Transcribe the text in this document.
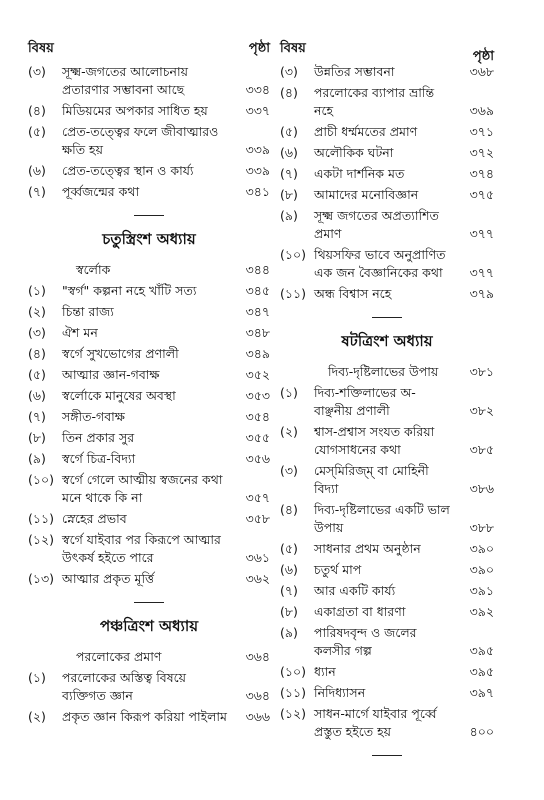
বিষয়	পৃষ্ঠা
(৩)	সূক্ষ্ম-জগতের আলোচনায় প্রতারণার সম্ভাবনা আছে	৩৩৪
(৪)	মিডিয়মের অপকার সাধিত হয়	৩৩৭
(৫)	প্রেত-তত্ত্বের ফলে জীবাত্মারও ক্ষতি হয়	৩৩৯
(৬)	প্রেত-তত্ত্বের স্থান ও কার্য্য	৩৩৯
(৭)	পূর্ব্বজন্মের কথা	৩৪১
চতুস্ত্রিংশ অধ্যায়
স্বর্লোক	৩৪৪
(১)	"স্বর্গ" কল্পনা নহে খাঁটি সত্য	৩৪৫
(২)	চিন্তা রাজ্য	৩৪৭
(৩)	ঐশ মন	৩৪৮
(৪)	স্বর্গে সুখভোগের প্রণালী	৩৪৯
(৫)	আত্মার জ্ঞান-গবাক্ষ	৩৫২
(৬)	স্বর্লোকে মানুষের অবস্থা	৩৫৩
(৭)	সঙ্গীত-গবাক্ষ	৩৫৪
(৮)	তিন প্রকার সুর	৩৫৫
(৯)	স্বর্গে চিত্র-বিদ্যা	৩৫৬
(১০) স্বর্গে গেলে আত্মীয় স্বজনের কথা মনে থাকে কি না	৩৫৭
(১১) স্নেহের প্রভাব	৩৫৮
(১২) স্বর্গে যাইবার পর কিরূপে আত্মার উৎকর্ষ হইতে পারে	৩৬১
(১৩) আত্মার প্রকৃত মূর্ত্তি	৩৬২
পঞ্চত্রিংশ অধ্যায়
পরলোকের প্রমাণ	৩৬৪
(১)	পরলোকের অস্তিত্ব বিষয়ে ব্যক্তিগত জ্ঞান	৩৬৪
(২)	প্রকৃত জ্ঞান কিরূপ করিয়া পাইলাম	৩৬৬
বিষয়
পৃষ্ঠা
(৩)	উন্নতির সম্ভাবনা	৩৬৮
(৪)	পরলোকের ব্যাপার ভ্রান্তি নহে	৩৬৯
(৫)	প্রাচী ধর্ম্মমতের প্রমাণ	৩৭১
(৬)	অলৌকিক ঘটনা	৩৭২
(৭)	একটা দার্শনিক মত	৩৭৪
(৮)	আমাদের মনোবিজ্ঞান	৩৭৫
(৯)	সূক্ষ্ম জগতের অপ্রত্যাশিত প্রমাণ	৩৭৭
(১০) থিয়সফির ভাবে অনুপ্রাণিত এক জন বৈজ্ঞানিকের কথা	৩৭৭
(১১) অন্ধ বিশ্বাস নহে	৩৭৯
ষটত্রিংশ অধ্যায়
দিব্য-দৃষ্টিলাভের উপায়	৩৮১
(১)	দিব্য-শক্তিলাভের অ-বাঞ্ছনীয় প্রণালী	৩৮২
(২)	শ্বাস-প্রশ্বাস সংযত করিয়া যোগসাধনের কথা	৩৮৫
(৩)	মেস্‌মিরিজ্‌ম্‌ বা মোহিনী বিদ্যা	৩৮৬
(৪)	দিব্য-দৃষ্টিলাভের একটি ভাল উপায়	৩৮৮
(৫)	সাধনার প্রথম অনুষ্ঠান	৩৯০
(৬)	চতুর্থ মাপ	৩৯০
(৭)	আর একটি কার্য্য	৩৯১
(৮)	একাগ্রতা বা ধারণা	৩৯২
(৯)	পারিষদবৃন্দ ও জলের কলসীর গল্প	৩৯৫
(১০) ধ্যান	৩৯৫
(১১) নিদিধ্যাসন	৩৯৭
(১২) সাধন-মার্গে যাইবার পূর্ব্বে প্রস্তুত হইতে হয়	৪০০
